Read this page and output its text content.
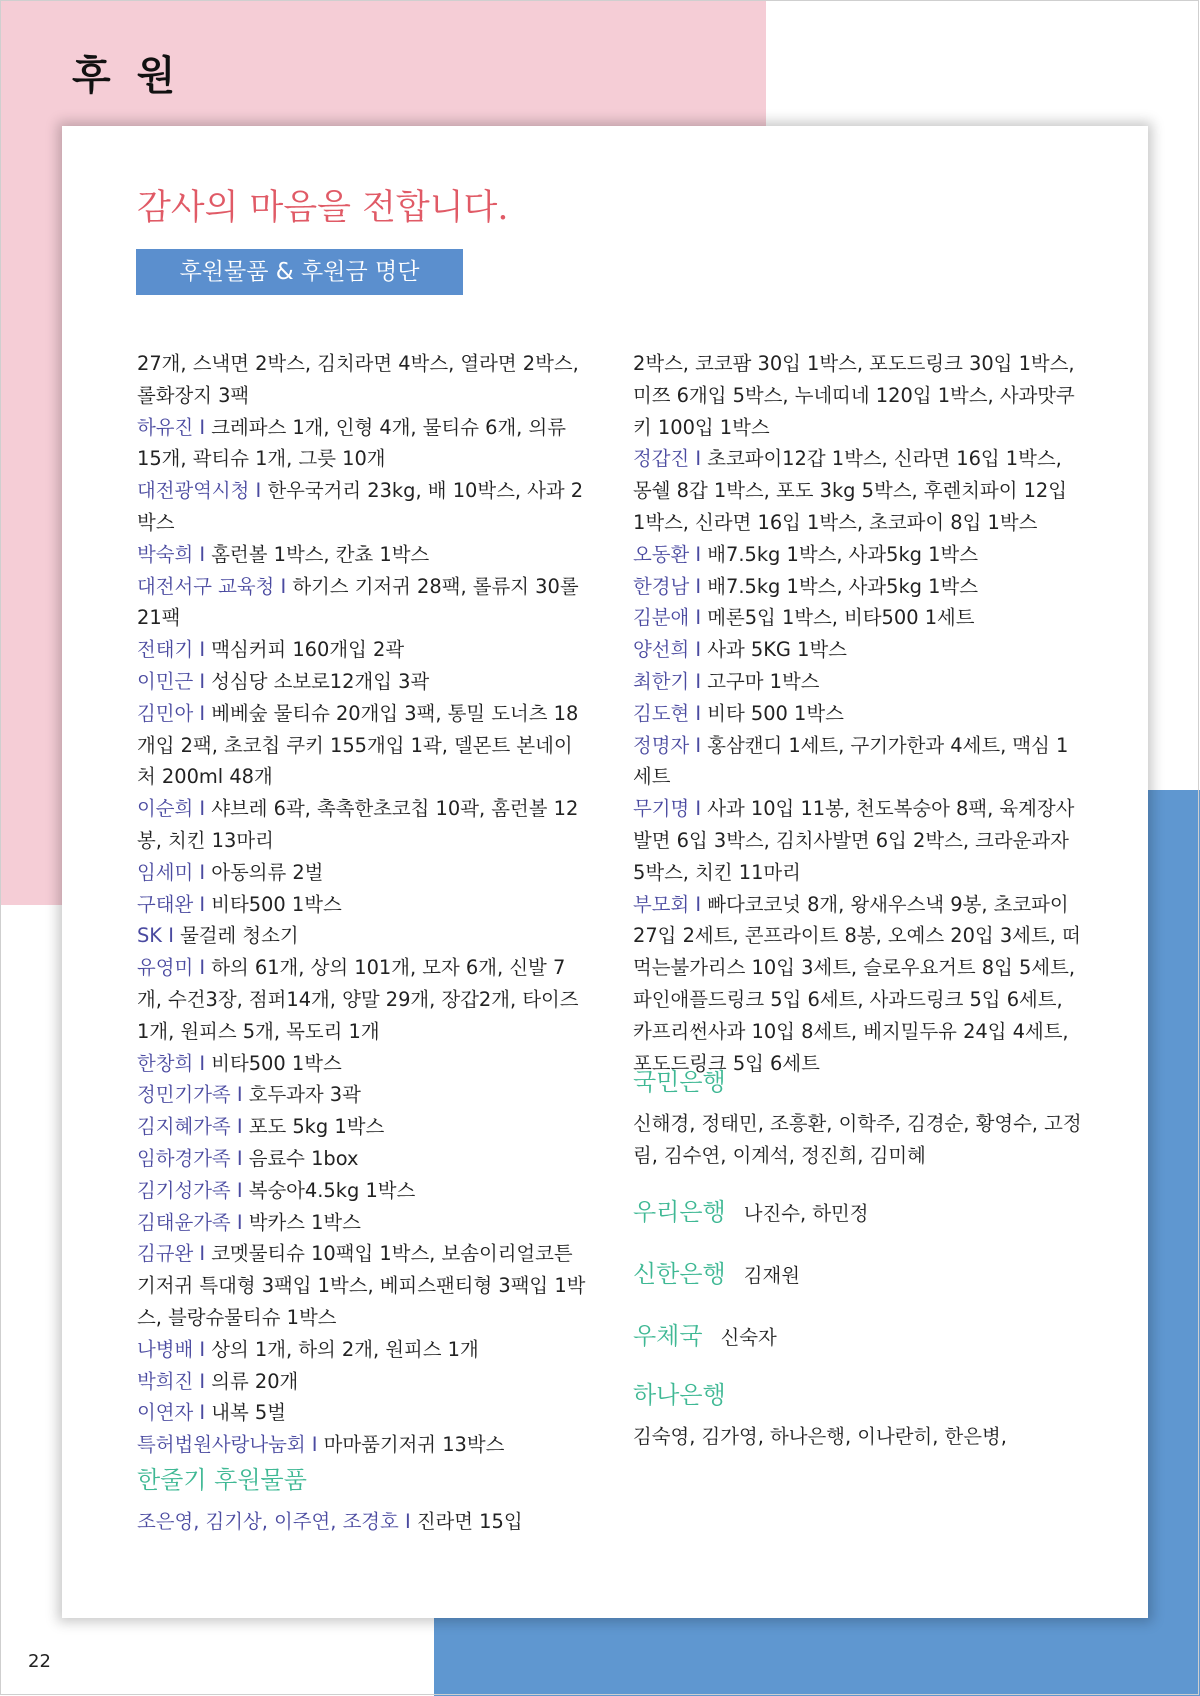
후 원
감사의 마음을 전합니다.
후원물품 & 후원금 명단

27개, 스낵면 2박스, 김치라면 4박스, 열라면 2박스, 롤화장지 3팩

하유진 I 크레파스 1개, 인형 4개, 물티슈 6개, 의류 15개, 곽티슈 1개, 그릇 10개

대전광역시청 I 한우국거리 23kg, 배 10박스, 사과 2박스

박숙희 I 홈런볼 1박스, 칸쵸 1박스

대전서구 교육청 I 하기스 기저귀 28팩, 롤류지 30롤 21팩

전태기 I 맥심커피 160개입 2곽

이민근 I 성심당 소보로12개입 3곽

김민아 I 베베숲 물티슈 20개입 3팩, 통밀 도너츠 18개입 2팩, 초코칩 쿠키 155개입 1곽, 델몬트 본네이처 200ml 48개

이순희 I 샤브레 6곽, 촉촉한초코칩 10곽, 홈런볼 12봉, 치킨 13마리

임세미 I 아동의류 2벌

구태완 I 비타500 1박스

SK I 물걸레 청소기

유영미 I 하의 61개, 상의 101개, 모자 6개, 신발 7개, 수건3장, 점퍼14개, 양말 29개, 장갑2개, 타이즈 1개, 원피스 5개, 목도리 1개

한창희 I 비타500 1박스

정민기가족 I 호두과자 3곽

김지혜가족 I 포도 5kg 1박스

임하경가족 I 음료수 1box

김기성가족 I 복숭아4.5kg 1박스

김태윤가족 I 박카스 1박스

김규완 I 코멧물티슈 10팩입 1박스, 보솜이리얼코튼기저귀 특대형 3팩입 1박스, 베피스팬티형 3팩입 1박스, 블랑슈물티슈 1박스

나병배 I 상의 1개, 하의 2개, 원피스 1개

박희진 I 의류 20개

이연자 I 내복 5벌

특허법원사랑나눔회 I 마마품기저귀 13박스

한줄기 후원물품

조은영, 김기상, 이주연, 조경호 I 진라면 15입

2박스, 코코팜 30입 1박스, 포도드링크 30입 1박스, 미쯔 6개입 5박스, 누네띠네 120입 1박스, 사과맛쿠키 100입 1박스

정갑진 I 초코파이12갑 1박스, 신라면 16입 1박스, 몽쉘 8갑 1박스, 포도 3kg 5박스, 후렌치파이 12입 1박스, 신라면 16입 1박스, 초코파이 8입 1박스

오동환 I 배7.5kg 1박스, 사과5kg 1박스

한경남 I 배7.5kg 1박스, 사과5kg 1박스

김분애 I 메론5입 1박스, 비타500 1세트

양선희 I 사과 5KG 1박스

최한기 I 고구마 1박스

김도현 I 비타 500 1박스

정명자 I 홍삼캔디 1세트, 구기가한과 4세트, 맥심 1세트

무기명 I 사과 10입 11봉, 천도복숭아 8팩, 육계장사발면 6입 3박스, 김치사발면 6입 2박스, 크라운과자 5박스, 치킨 11마리

부모회 I 빠다코코넛 8개, 왕새우스낵 9봉, 초코파이 27입 2세트, 콘프라이트 8봉, 오예스 20입 3세트, 떠먹는불가리스 10입 3세트, 슬로우요거트 8입 5세트, 파인애플드링크 5입 6세트, 사과드링크 5입 6세트, 카프리썬사과 10입 8세트, 베지밀두유 24입 4세트, 포도드링크 5입 6세트

국민은행

신해경, 정태민, 조흥환, 이학주, 김경순, 황영수, 고정림, 김수연, 이계석, 정진희, 김미혜

우리은행 나진수, 하민정

신한은행 김재원

우체국 신숙자

하나은행

김숙영, 김가영, 하나은행, 이나란히, 한은병,

22
